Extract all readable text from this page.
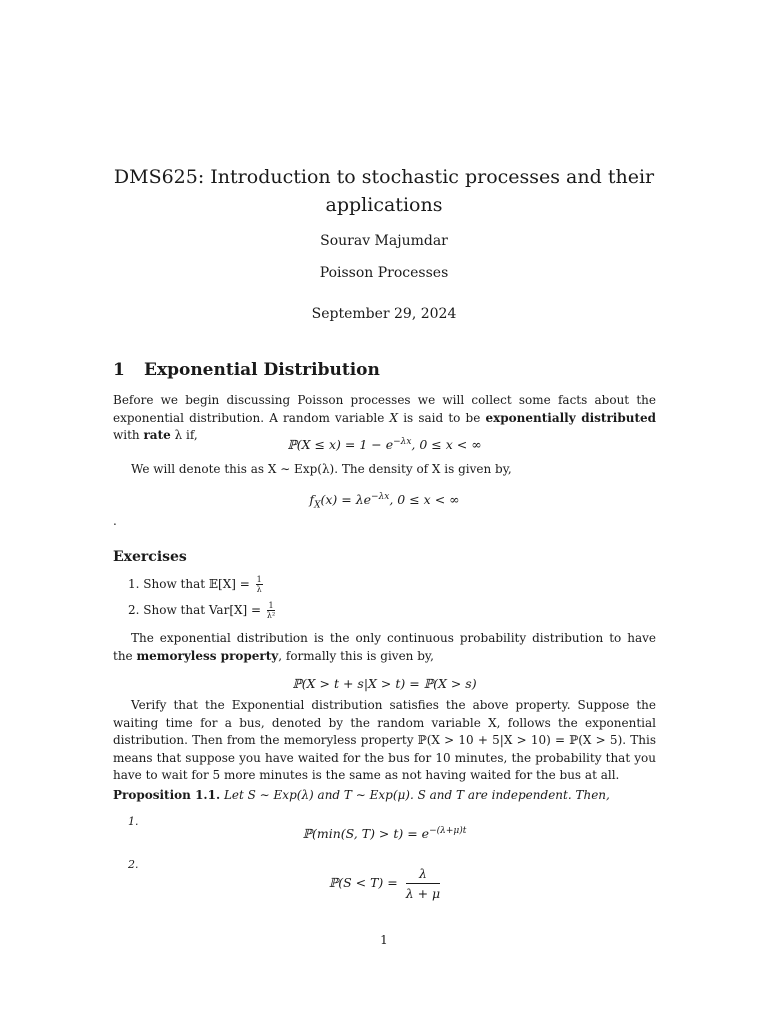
DMS625: Introduction to stochastic processes and their applications
Sourav Majumdar
Poisson Processes
September 29, 2024
1 Exponential Distribution
Before we begin discussing Poisson processes we will collect some facts about the exponential distribution. A random variable X is said to be exponentially distributed with rate λ if,
ℙ(X ≤ $x) = 1 - e^{-\lambda x}$, 0 ≤ x < ∞
We will denote this as X ∼ Exp(λ). The density of X is given by,
$f_X(x) = \lambda e^{-\lambda x}$, 0 ≤ x < ∞
.
Exercises
1. Show that 𝔼[X] = $\frac{1}{\lambda}$
2. Show that $Var[X] = \frac{1}{\text{λ²}}$
The exponential distribution is the only continuous probability distribution to have the memoryless property, formally this is given by,
ℙ(X > t + s|X > t) = ℙ(X > s)
Verify that the Exponential distribution satisfies the above property. Suppose the waiting time for a bus, denoted by the random variable X, follows the exponential distribution. Then from the memoryless property ℙ(X > 10 + 5|X > 10) = ℙ(X > 5). This means that suppose you have waited for the bus for 10 minutes, the probability that you have to wait for 5 more minutes is the same as not having waited for the bus at all.
Proposition 1.1. Let S ∼ Exp(λ) and T ∼ Exp(μ). S and T are independent. Then,
1.
ℙ(min(S, $T) > t) = e^{-(\lambda+\mu)t}$
2.
ℙ(S < $T) = \frac{\lambda}{\lambda + \mu}$
1
